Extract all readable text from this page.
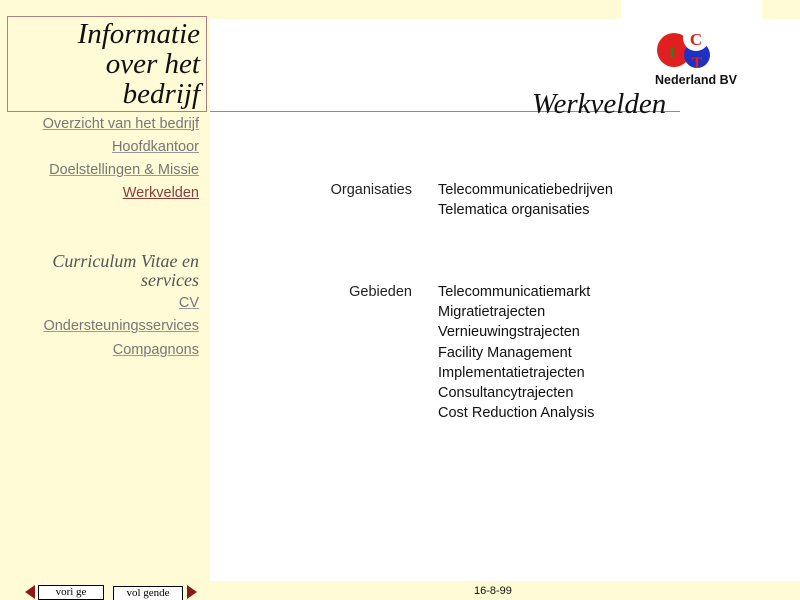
Informatie
over het
bedrijf
Overzicht van het bedrijf
Hoofdkantoor
Doelstellingen & Missie
Werkvelden
Curriculum Vitae en
services
CV
Ondersteuningsservices
Compagnons
I
C
T
Nederland BV
Werkvelden
Organisaties Telecommunicatiebedrijven
Telematica organisaties
Gebieden Telecommunicatiemarkt
Migratietrajecten
Vernieuwingstrajecten
Facility Management
Implementatietrajecten
Consultancytrajecten
Cost Reduction Analysis
vori ge	vol gende	16-8-99
